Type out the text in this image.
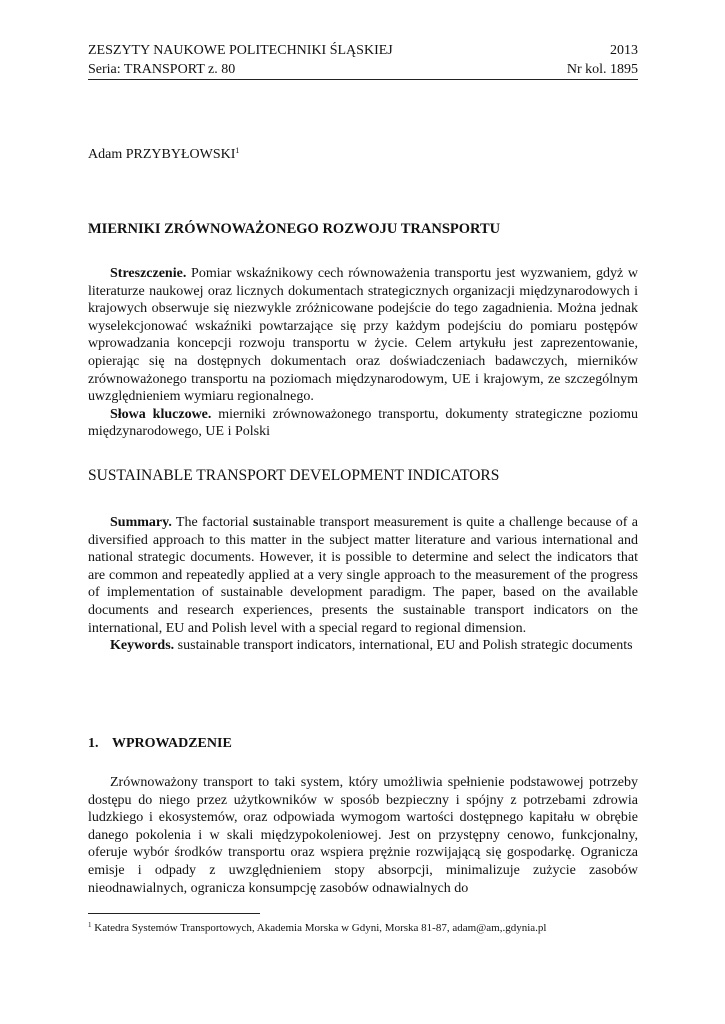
ZESZYTY NAUKOWE POLITECHNIKI ŚLĄSKIEJ	2013
Seria: TRANSPORT z. 80	Nr kol. 1895
Adam PRZYBYŁOWSKI$^1$
MIERNIKI ZRÓWNOWAŻONEGO ROZWOJU TRANSPORTU

Streszczenie. Pomiar wskaźnikowy cech równoważenia transportu jest wyzwaniem, gdyż w literaturze naukowej oraz licznych dokumentach strategicznych organizacji międzynarodowych i krajowych obserwuje się niezwykle zróżnicowane podejście do tego zagadnienia. Można jednak wyselekcjonować wskaźniki powtarzające się przy każdym podejściu do pomiaru postępów wprowadzania koncepcji rozwoju transportu w życie. Celem artykułu jest zaprezentowanie, opierając się na dostępnych dokumentach oraz doświadczeniach badawczych, mierników zrównoważonego transportu na poziomach międzynarodowym, UE i krajowym, ze szczególnym uwzględnieniem wymiaru regionalnego.

Słowa kluczowe. mierniki zrównoważonego transportu, dokumenty strategiczne poziomu międzynarodowego, UE i Polski

SUSTAINABLE TRANSPORT DEVELOPMENT INDICATORS

Summary. The factorial sustainable transport measurement is quite a challenge because of a diversified approach to this matter in the subject matter literature and various international and national strategic documents. However, it is possible to determine and select the indicators that are common and repeatedly applied at a very single approach to the measurement of the progress of implementation of sustainable development paradigm. The paper, based on the available documents and research experiences, presents the sustainable transport indicators on the international, EU and Polish level with a special regard to regional dimension.

Keywords. sustainable transport indicators, international, EU and Polish strategic documents

1. WPROWADZENIE

Zrównoważony transport to taki system, który umożliwia spełnienie podstawowej potrzeby dostępu do niego przez użytkowników w sposób bezpieczny i spójny z potrzebami zdrowia ludzkiego i ekosystemów, oraz odpowiada wymogom wartości dostępnego kapitału w obrębie danego pokolenia i w skali międzypokoleniowej. Jest on przystępny cenowo, funkcjonalny, oferuje wybór środków transportu oraz wspiera prężnie rozwijającą się gospodarkę. Ogranicza emisje i odpady z uwzględnieniem stopy absorpcji, minimalizuje zużycie zasobów nieodnawialnych, ogranicza konsumpcję zasobów odnawialnych do

$^1$ Katedra Systemów Transportowych, Akademia Morska w Gdyni, Morska 81-87, adam@am,.gdynia.pl
